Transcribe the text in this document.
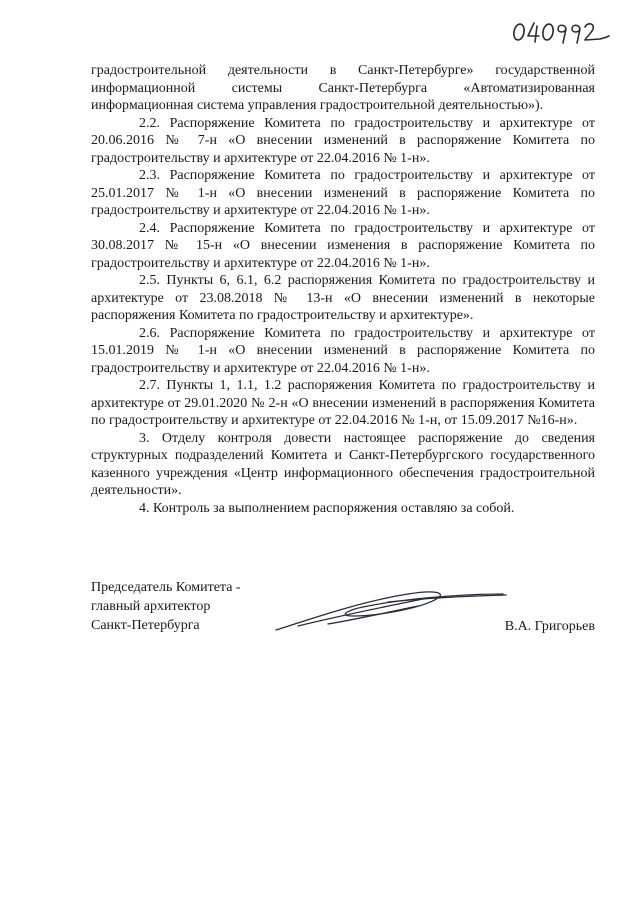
градостроительной деятельности в Санкт-Петербурге» государственной информационной системы Санкт-Петербурга «Автоматизированная информационная система управления градостроительной деятельностью»).

2.2. Распоряжение Комитета по градостроительству и архитектуре от 20.06.2016 № 7-н «О внесении изменений в распоряжение Комитета по градостроительству и архитектуре от 22.04.2016 № 1-н».

2.3. Распоряжение Комитета по градостроительству и архитектуре от 25.01.2017 № 1-н «О внесении изменений в распоряжение Комитета по градостроительству и архитектуре от 22.04.2016 № 1-н».

2.4. Распоряжение Комитета по градостроительству и архитектуре от 30.08.2017 № 15-н «О внесении изменения в распоряжение Комитета по градостроительству и архитектуре от 22.04.2016 № 1-н».

2.5. Пункты 6, 6.1, 6.2 распоряжения Комитета по градостроительству и архитектуре от 23.08.2018 № 13-н «О внесении изменений в некоторые распоряжения Комитета по градостроительству и архитектуре».

2.6. Распоряжение Комитета по градостроительству и архитектуре от 15.01.2019 № 1-н «О внесении изменений в распоряжение Комитета по градостроительству и архитектуре от 22.04.2016 № 1-н».

2.7. Пункты 1, 1.1, 1.2 распоряжения Комитета по градостроительству и архитектуре от 29.01.2020 № 2-н «О внесении изменений в распоряжения Комитета по градостроительству и архитектуре от 22.04.2016 № 1-н, от 15.09.2017 №16-н».

3. Отделу контроля довести настоящее распоряжение до сведения структурных подразделений Комитета и Санкт-Петербургского государственного казенного учреждения «Центр информационного обеспечения градостроительной деятельности».

4. Контроль за выполнением распоряжения оставляю за собой.

Председатель Комитета -
главный архитектор
Санкт-Петербурга	В.А. Григорьев
